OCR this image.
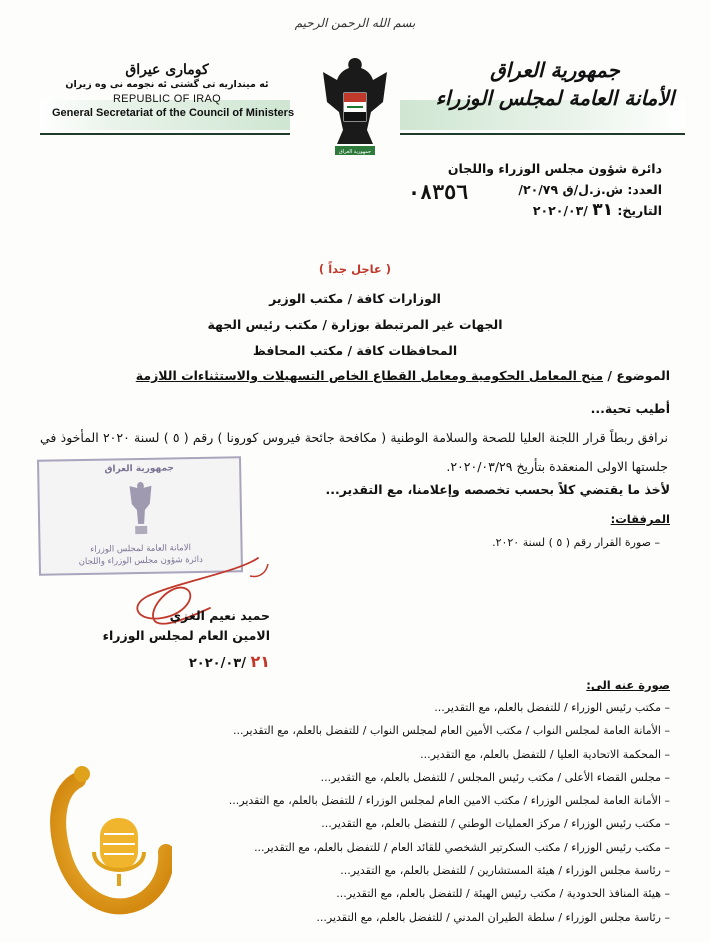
بسم الله الرحمن الرحيم
كومارى عيراق
ئه مینداریه تی گشتی ئه نجومه نی وه زیران
REPUBLIC OF IRAQ
General Secretariat of the Council of Ministers
جمهورية العراق
الأمانة العامة لمجلس الوزراء
جمهورية العراق
دائرة شؤون مجلس الوزراء واللجان
العدد: ش.ز.ل/ق ٢٠/٧٩/
التاريخ: ٣١ /٢٠٢٠/٠٣
٠٨٣٥٦
( عاجل جداً )
الوزارات كافة / مكتب الوزير
الجهات غير المرتبطة بوزارة / مكتب رئيس الجهة
المحافظات كافة / مكتب المحافظ
الموضوع / منح المعامل الحكومية ومعامل القطاع الخاص التسهيلات والاستثناءات اللازمة
أطيب تحية...
نرافق ربطاً قرار اللجنة العليا للصحة والسلامة الوطنية ( مكافحة جائحة فيروس كورونا ) رقم ( ٥ ) لسنة ٢٠٢٠ المأخوذ في جلستها الاولى المنعقدة بتأريخ ٢٠٢٠/٠٣/٢٩.
لأخذ ما يقتضي كلاً بحسب تخصصه وإعلامنا، مع التقدير...
المرفقات:
– صورة القرار رقم ( ٥ ) لسنة ٢٠٢٠.
جمهورية العراق
الامانة العامة لمجلس الوزراء
دائرة شؤون مجلس الوزراء واللجان
حميد نعيم الغزي
الامين العام لمجلس الوزراء
٢١ /٢٠٢٠/٠٣
صورة عنه الى:
– مكتب رئيس الوزراء / للتفضل بالعلم، مع التقدير...
– الأمانة العامة لمجلس النواب / مكتب الأمين العام لمجلس النواب / للتفضل بالعلم، مع التقدير...
– المحكمة الاتحادية العليا / للتفضل بالعلم، مع التقدير...
– مجلس القضاء الأعلى / مكتب رئيس المجلس / للتفضل بالعلم، مع التقدير...
– الأمانة العامة لمجلس الوزراء / مكتب الامين العام لمجلس الوزراء / للتفضل بالعلم، مع التقدير...
– مكتب رئيس الوزراء / مركز العمليات الوطني / للتفضل بالعلم، مع التقدير...
– مكتب رئيس الوزراء / مكتب السكرتير الشخصي للقائد العام / للتفضل بالعلم، مع التقدير...
– رئاسة مجلس الوزراء / هيئة المستشارين / للتفضل بالعلم، مع التقدير...
– هيئة المنافذ الحدودية / مكتب رئيس الهيئة / للتفضل بالعلم، مع التقدير...
– رئاسة مجلس الوزراء / سلطة الطيران المدني / للتفضل بالعلم، مع التقدير...
